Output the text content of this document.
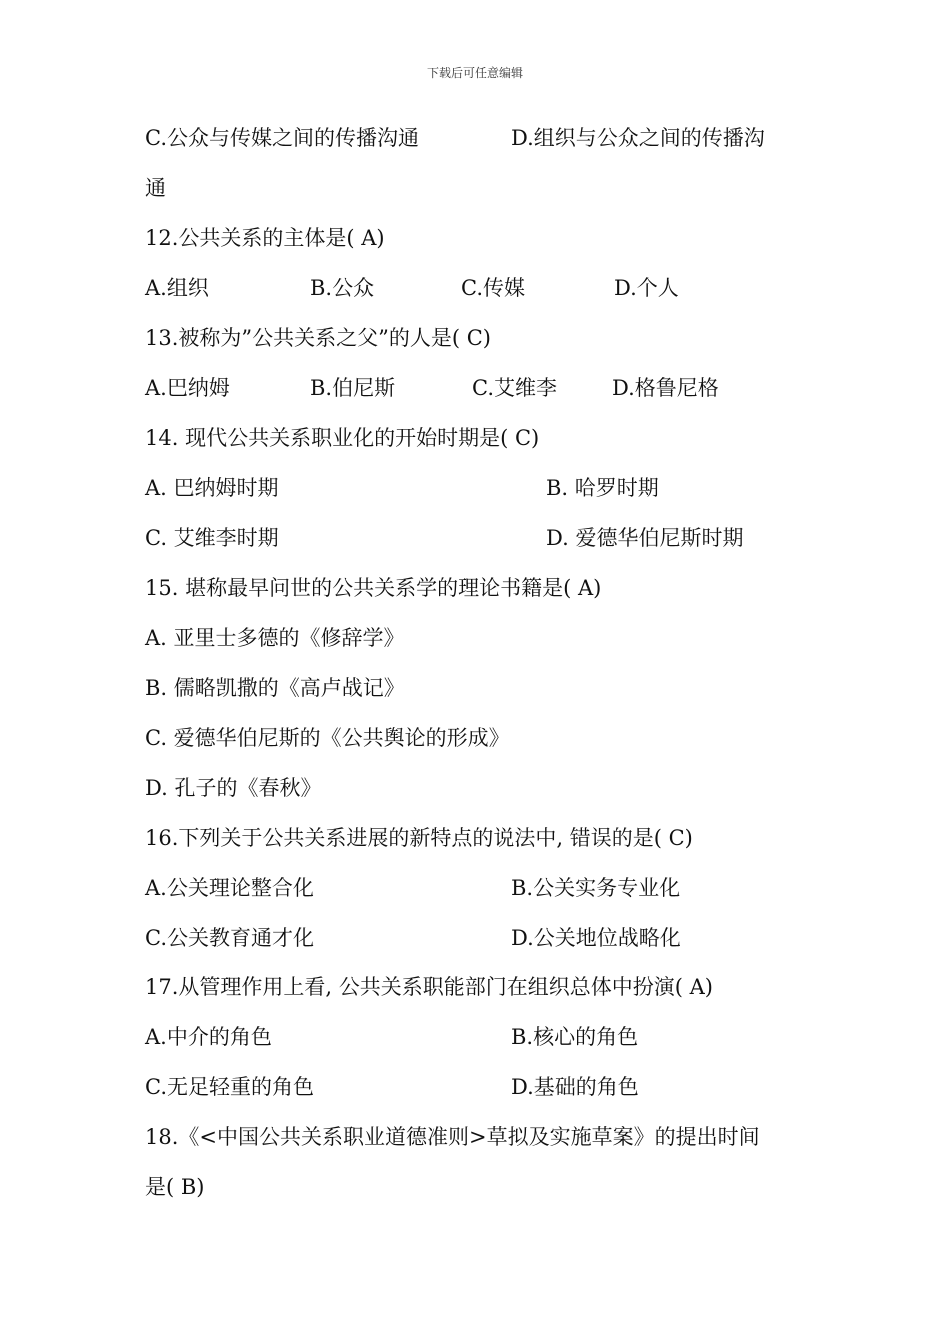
下载后可任意编辑
C.公众与传媒之间的传播沟通	D.组织与公众之间的传播沟
通
12.公共关系的主体是( A)
A.组织	B.公众	C.传媒	D.个人
13.被称为”公共关系之父”的人是( C)
A.巴纳姆	B.伯尼斯	C.艾维李	D.格鲁尼格
14. 现代公共关系职业化的开始时期是( C)
A. 巴纳姆时期	B. 哈罗时期
C. 艾维李时期	D. 爱德华伯尼斯时期
15. 堪称最早问世的公共关系学的理论书籍是( A)
A. 亚里士多德的《修辞学》
B. 儒略凯撒的《高卢战记》
C. 爱德华伯尼斯的《公共舆论的形成》
D. 孔子的《春秋》
16.下列关于公共关系进展的新特点的说法中, 错误的是( C)
A.公关理论整合化	B.公关实务专业化
C.公关教育通才化	D.公关地位战略化
17.从管理作用上看, 公共关系职能部门在组织总体中扮演( A)
A.中介的角色	B.核心的角色
C.无足轻重的角色	D.基础的角色
18.《<中国公共关系职业道德准则>草拟及实施草案》的提出时间
是( B)
